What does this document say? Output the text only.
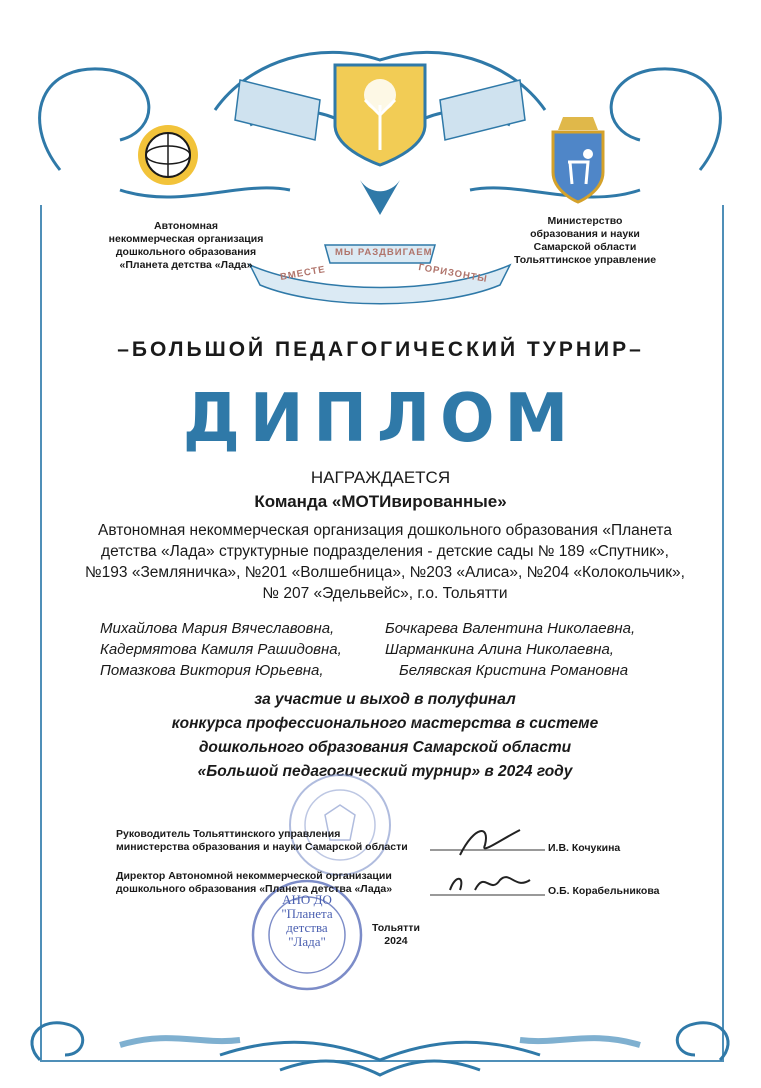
МЫ РАЗДВИГАЕМ
ВМЕСТЕ	ГОРИЗОНТЫ
Автономная
некоммерческая организация
дошкольного образования
«Планета детства «Лада»
Министерство
образования и науки
Самарской области
Тольяттинское управление
–БОЛЬШОЙ ПЕДАГОГИЧЕСКИЙ ТУРНИР–
ДИПЛОМ
НАГРАЖДАЕТСЯ
Команда «МОТИвированные»
Автономная некоммерческая организация дошкольного образования «Планета
детства «Лада» структурные подразделения - детские сады № 189 «Спутник»,
№193 «Земляничка», №201 «Волшебница», №203 «Алиса», №204 «Колокольчик»,
№ 207 «Эдельвейс», г.о. Тольятти
Михайлова Мария Вячеславовна,
Кадермятова Камиля Рашидовна,
Помазкова Виктория Юрьевна,
Бочкарева Валентина Николаевна,
Шарманкина Алина Николаевна,
Белявская Кристина Романовна
за участие и выход в полуфинал
конкурса профессионального мастерства в системе
дошкольного образования Самарской области
«Большой педагогический турнир» в 2024 году
АНО ДО
"Планета
детства
"Лада"
Руководитель Тольяттинского управления
министерства образования и науки Самарской области	И.В. Кочукина
Директор Автономной некоммерческой организации
дошкольного образования «Планета детства «Лада»	О.Б. Корабельникова
Тольятти
2024
